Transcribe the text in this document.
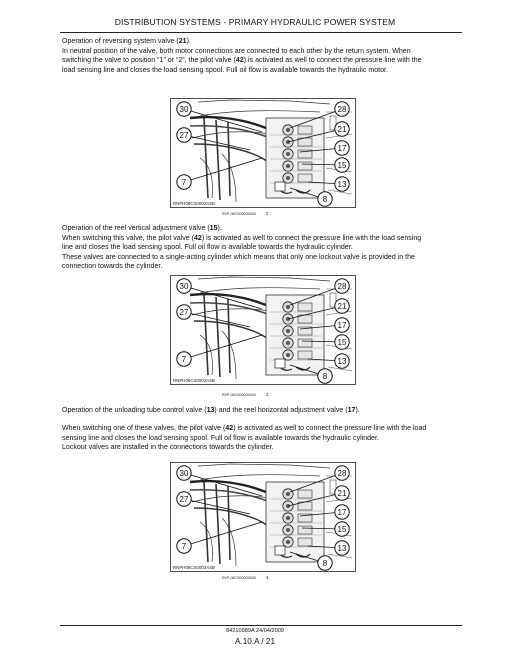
DISTRIBUTION SYSTEMS - PRIMARY HYDRAULIC POWER SYSTEM

Operation of reversing system valve (21).

In neutral position of the valve, both motor connections are connected to each other by the return system. When

switching the valve to position “1” or “2”, the pilot valve (42) is activated as well to connect the pressure line with the

load sensing line and closes the load sensing spool. Full oil flow is available towards the hydraulic motor.

30	28
27
21
17
15
7	13
8
RNPH08CS0003ASB
RVP-08CS00039A30 2

Operation of the reel vertical adjustment valve (15).

When switching this valve, the pilot valve (42) is activated as well to connect the pressure line with the load sensing

line and closes the load sensing spool. Full oil flow is available towards the hydraulic cylinder.

These valves are connected to a single-acting cylinder which means that only one lockout valve is provided in the

connection towards the cylinder.

30	28
27
21
17
15
7	13
8
RNPH08CS0003ASB
RVP-08CS00039A30 3

Operation of the unloading tube control valve (13) and the reel horizontal adjustment valve (17).

When switching one of these valves, the pilot valve (42) is activated as well to connect the pressure line with the load

sensing line and closes the load sensing spool. Full oil flow is available towards the hydraulic cylinder.

Lockout valves are installed in the connections towards the cylinder.

30	28
27
21
17
15
7	13
8
RNPH08CS0003ASB
RVP-08CS00039A30 4
84210989A 24/04/2009
A.10.A / 21
